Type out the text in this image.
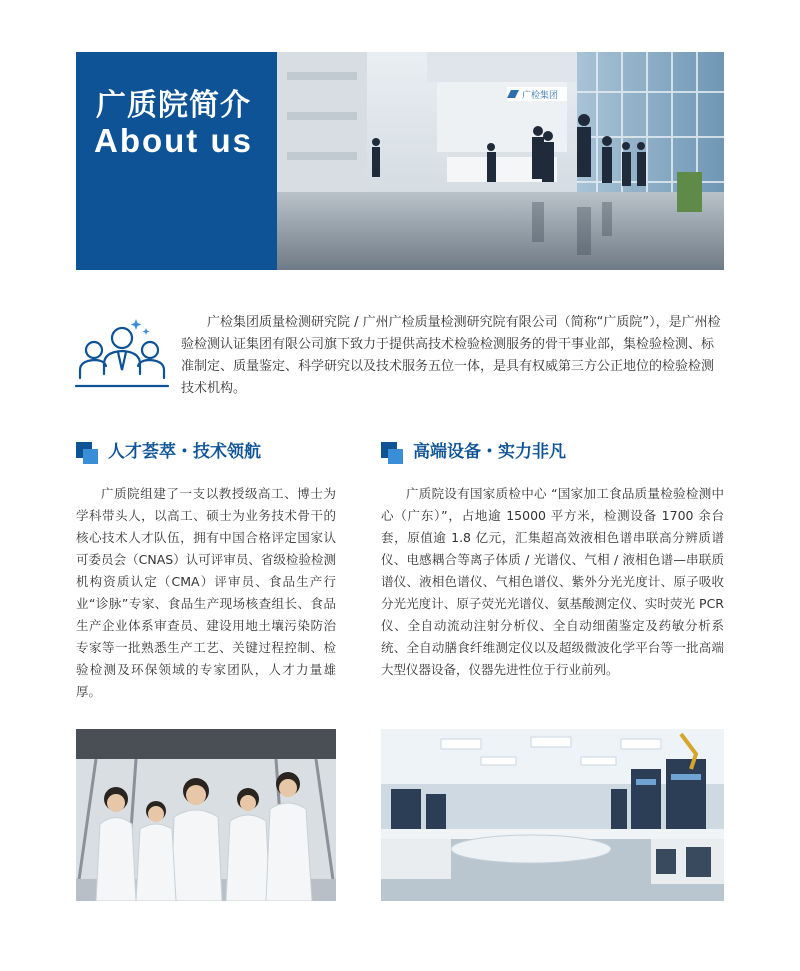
广质院简介
About us
广检集团

广检集团质量检测研究院 / 广州广检质量检测研究院有限公司（简称“广质院”），是广州检验检测认证集团有限公司旗下致力于提供高技术检验检测服务的骨干事业部，集检验检测、标准制定、质量鉴定、科学研究以及技术服务五位一体，是具有权威第三方公正地位的检验检测技术机构。

人才荟萃・技术领航

广质院组建了一支以教授级高工、博士为学科带头人，以高工、硕士为业务技术骨干的核心技术人才队伍，拥有中国合格评定国家认可委员会（CNAS）认可评审员、省级检验检测机构资质认定（CMA）评审员、食品生产行业“诊脉”专家、食品生产现场核查组长、食品生产企业体系审查员、建设用地土壤污染防治专家等一批熟悉生产工艺、关键过程控制、检验检测及环保领域的专家团队，人才力量雄厚。

高端设备・实力非凡

广质院设有国家质检中心 “国家加工食品质量检验检测中心（广东）”，占地逾 15000 平方米，检测设备 1700 余台套，原值逾 1.8 亿元，汇集超高效液相色谱串联高分辨质谱仪、电感耦合等离子体质 / 光谱仪、气相 / 液相色谱—串联质谱仪、液相色谱仪、气相色谱仪、紫外分光光度计、原子吸收分光光度计、原子荧光光谱仪、氨基酸测定仪、实时荧光 PCR 仪、全自动流动注射分析仪、全自动细菌鉴定及药敏分析系统、全自动膳食纤维测定仪以及超级微波化学平台等一批高端大型仪器设备，仪器先进性位于行业前列。
